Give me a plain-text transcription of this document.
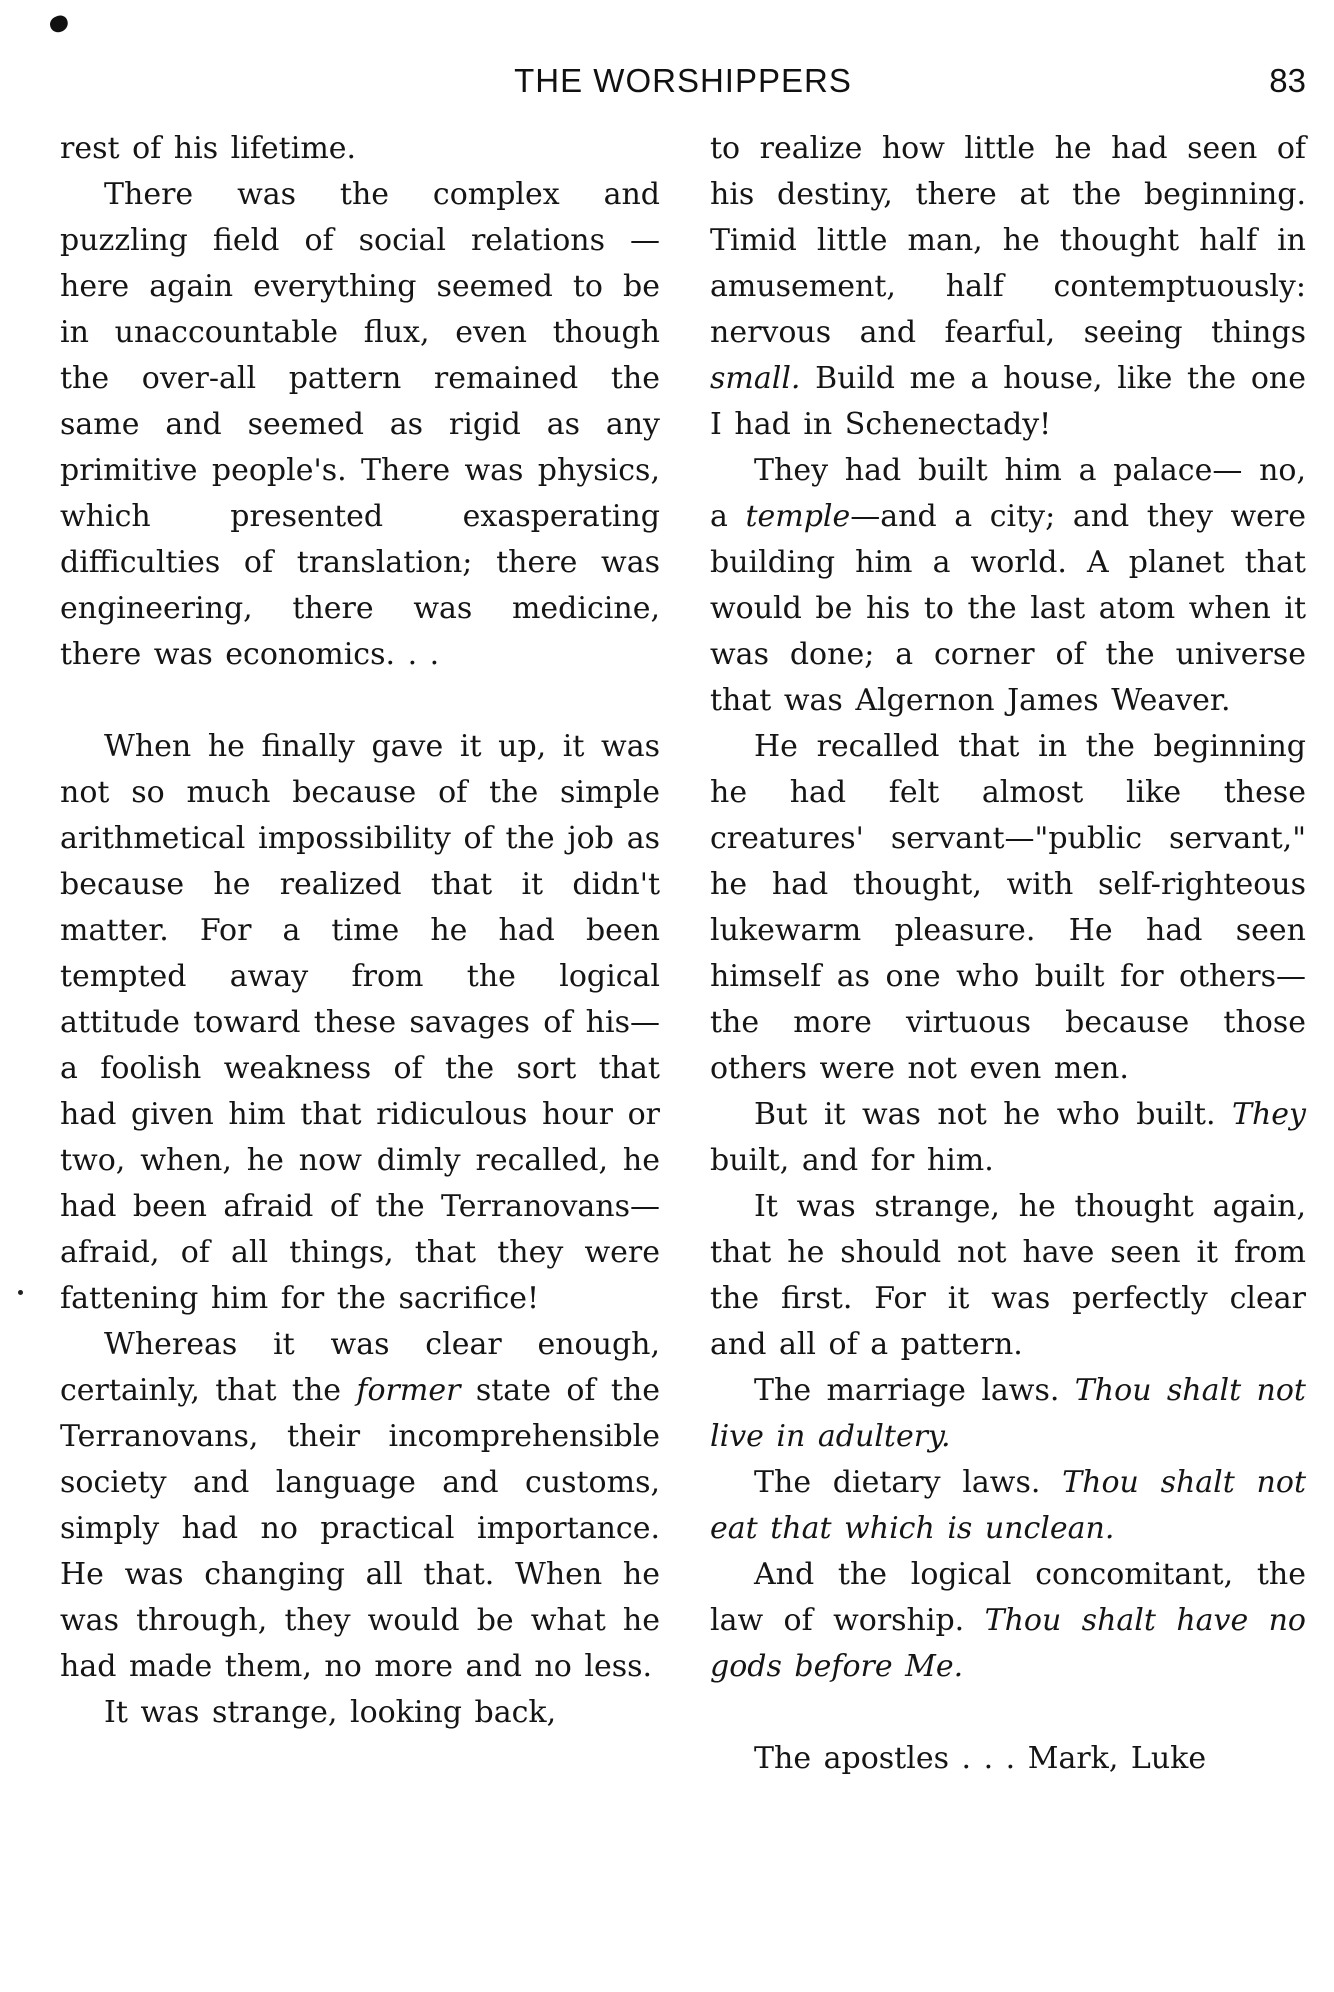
THE WORSHIPPERS	83

rest of his lifetime.

There was the complex and puzzling field of social relations —here again everything seemed to be in unaccountable flux, even though the over-all pattern remained the same and seemed as rigid as any primitive people's. There was physics, which presented exasperating difficulties of translation; there was engineering, there was medicine, there was economics. . .

When he finally gave it up, it was not so much because of the simple arithmetical impossibility of the job as because he realized that it didn't matter. For a time he had been tempted away from the logical attitude toward these savages of his—a foolish weakness of the sort that had given him that ridiculous hour or two, when, he now dimly recalled, he had been afraid of the Terranovans—afraid, of all things, that they were fattening him for the sacrifice!

Whereas it was clear enough, certainly, that the former state of the Terranovans, their incomprehensible society and language and customs, simply had no practical importance. He was changing all that. When he was through, they would be what he had made them, no more and no less.

It was strange, looking back,

to realize how little he had seen of his destiny, there at the beginning. Timid little man, he thought half in amusement, half contemptuously: nervous and fearful, seeing things small. Build me a house, like the one I had in Schenectady!

They had built him a palace— no, a temple—and a city; and they were building him a world. A planet that would be his to the last atom when it was done; a corner of the universe that was Algernon James Weaver.

He recalled that in the beginning he had felt almost like these creatures' servant—"public servant," he had thought, with self-righteous lukewarm pleasure. He had seen himself as one who built for others—the more virtuous because those others were not even men.

But it was not he who built. They built, and for him.

It was strange, he thought again, that he should not have seen it from the first. For it was perfectly clear and all of a pattern.

The marriage laws. Thou shalt not live in adultery.

The dietary laws. Thou shalt not eat that which is unclean.

And the logical concomitant, the law of worship. Thou shalt have no gods before Me.

The apostles . . . Mark, Luke
